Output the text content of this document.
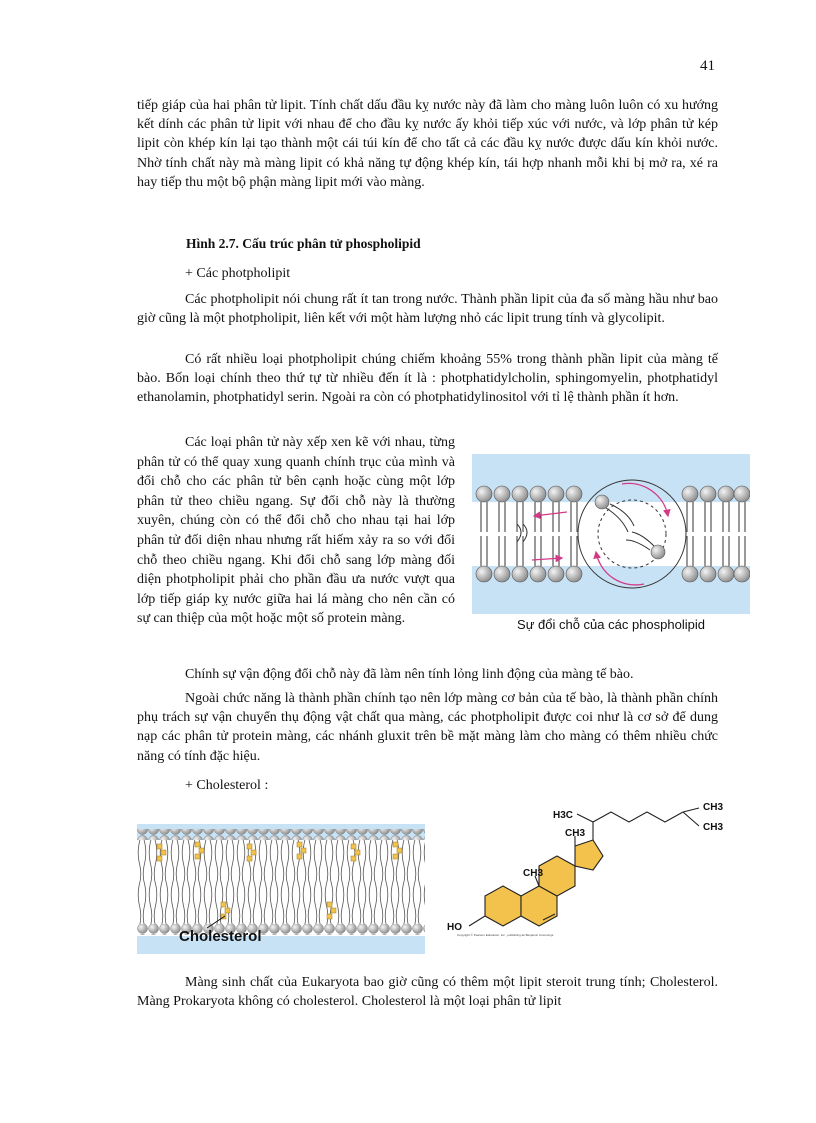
41

tiếp giáp của hai phân tử lipit. Tính chất dấu đầu kỵ nước này đã làm cho màng luôn luôn có xu hướng kết dính các phân tử lipit với nhau để cho đầu kỵ nước ấy khỏi tiếp xúc với nước, và lớp phân tử kép lipit còn khép kín lại tạo thành một cái túi kín để cho tất cả các đầu kỵ nước được dấu kín khỏi nước. Nhờ tính chất này mà màng lipit có khả năng tự động khép kín, tái hợp nhanh mỗi khi bị mở ra, xé ra hay tiếp thu một bộ phận màng lipit mới vào màng.

Hình 2.7. Cấu trúc phân tử phospholipid

+ Các photpholipit

Các photpholipit nói chung rất ít tan trong nước. Thành phần lipit của đa số màng hầu như bao giờ cũng là một photpholipit, liên kết với một hàm lượng nhỏ các lipit trung tính và glycolipit.

Có rất nhiều loại photpholipit chúng chiếm khoảng 55% trong thành phần lipit của màng tế bào. Bốn loại chính theo thứ tự từ nhiều đến ít là : photphatidylcholin, sphingomyelin, photphatidyl ethanolamin, photphatidyl serin. Ngoài ra còn có photphatidylinositol với tỉ lệ thành phần ít hơn.

Các loại phân tử này xếp xen kẽ với nhau, từng phân tử có thể quay xung quanh chính trục của mình và đổi chỗ cho các phân tử bên cạnh hoặc cùng một lớp phân tử theo chiều ngang. Sự đổi chỗ này là thường xuyên, chúng còn có thể đổi chỗ cho nhau tại hai lớp phân tử đối diện nhau nhưng rất hiếm xảy ra so với đổi chỗ theo chiều ngang. Khi đổi chỗ sang lớp màng đối diện photpholipit phải cho phần đầu ưa nước vượt qua lớp tiếp giáp kỵ nước giữa hai lá màng cho nên cần có sự can thiệp của một hoặc một số protein màng.	Sự đổi chỗ của các phospholipid

Chính sự vận động đổi chỗ này đã làm nên tính lỏng linh động của màng tế bào.

Ngoài chức năng là thành phần chính tạo nên lớp màng cơ bản của tế bào, là thành phần chính phụ trách sự vận chuyển thụ động vật chất qua màng, các photpholipit được coi như là cơ sở để dung nạp các phân tử protein màng, các nhánh gluxit trên bề mặt màng làm cho màng có thêm nhiều chức năng có tính đặc hiệu.

+ Cholesterol :

Cholesterol
H3C
CH3
CH3
CH3
CH3
HO
Copyright © Pearson Education, Inc., publishing as Benjamin Cummings.

Màng sinh chất của Eukaryota bao giờ cũng có thêm một lipit steroit trung tính; Cholesterol. Màng Prokaryota không có cholesterol. Cholesterol là một loại phân tử lipit
